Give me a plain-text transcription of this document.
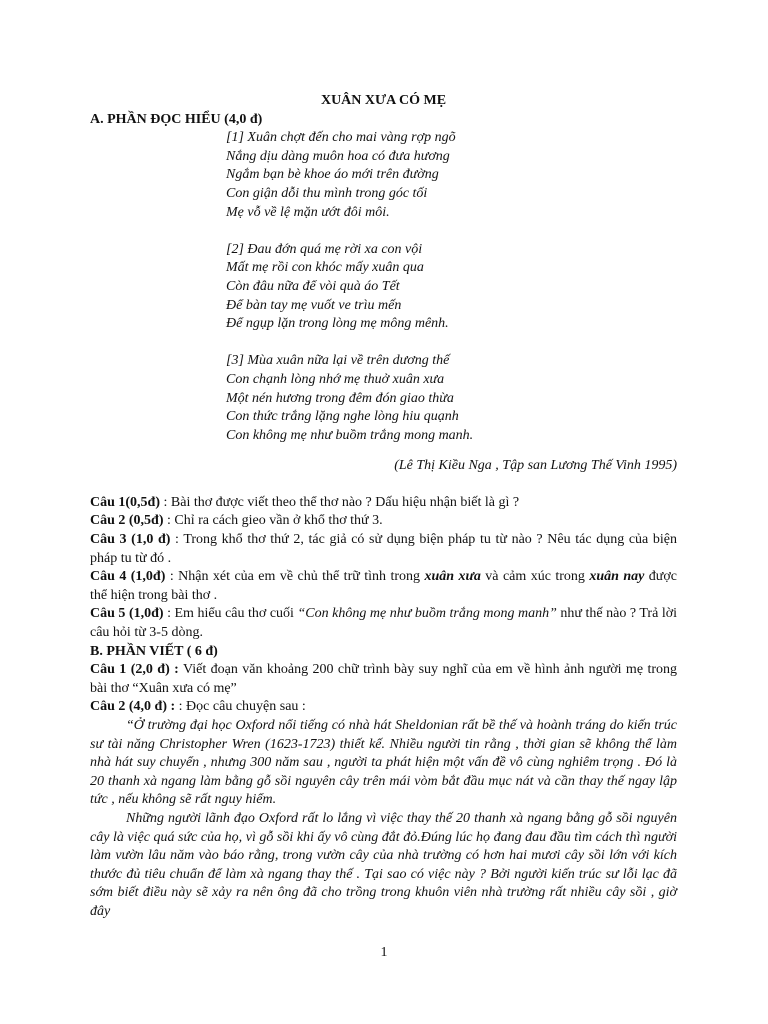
XUÂN XƯA CÓ MẸ

A. PHẦN ĐỌC HIỂU (4,0 đ)

[1] Xuân chợt đến cho mai vàng rợp ngõ
Nắng dịu dàng muôn hoa có đưa hương
Ngắm bạn bè khoe áo mới trên đường
Con giận dỗi thu mình trong góc tối
Mẹ vỗ về lệ mặn ướt đôi môi.
[2] Đau đớn quá mẹ rời xa con vội
Mất mẹ rồi con khóc mấy xuân qua
Còn đâu nữa để vòi quà áo Tết
Để bàn tay mẹ vuốt ve trìu mến
Để ngụp lặn trong lòng mẹ mông mênh.
[3] Mùa xuân nữa lại về trên dương thế
Con chạnh lòng nhớ mẹ thuở xuân xưa
Một nén hương trong đêm đón giao thừa
Con thức trắng lặng nghe lòng hiu quạnh
Con không mẹ như buồm trắng mong manh.

(Lê Thị Kiều Nga , Tập san Lương Thế Vinh 1995)

Câu 1(0,5đ) : Bài thơ được viết theo thể thơ nào ? Dấu hiệu nhận biết là gì ?

Câu 2 (0,5đ) : Chỉ ra cách gieo vần ở khổ thơ thứ 3.

Câu 3 (1,0 đ) : Trong khổ thơ thứ 2, tác giả có sử dụng biện pháp tu từ nào ? Nêu tác dụng của biện pháp tu từ đó .

Câu 4 (1,0đ) : Nhận xét của em về chủ thể trữ tình trong xuân xưa và cảm xúc trong xuân nay được thể hiện trong bài thơ .

Câu 5 (1,0đ) : Em hiểu câu thơ cuối “Con không mẹ như buồm trắng mong manh” như thế nào ? Trả lời câu hỏi từ 3-5 dòng.

B. PHẦN VIẾT ( 6 đ)

Câu 1 (2,0 đ) : Viết đoạn văn khoảng 200 chữ trình bày suy nghĩ của em về hình ảnh người mẹ trong bài thơ “Xuân xưa có mẹ”

Câu 2 (4,0 đ) : : Đọc câu chuyện sau :

“Ở trường đại học Oxford nổi tiếng có nhà hát Sheldonian rất bề thế và hoành tráng do kiến trúc sư tài năng Christopher Wren (1623-1723) thiết kế. Nhiều người tin rằng , thời gian sẽ không thể làm nhà hát suy chuyển , nhưng 300 năm sau , người ta phát hiện một vấn đề vô cùng nghiêm trọng . Đó là 20 thanh xà ngang làm bằng gỗ sồi nguyên cây trên mái vòm bắt đầu mục nát và cần thay thế ngay lập tức , nếu không sẽ rất nguy hiểm.

Những người lãnh đạo Oxford rất lo lắng vì việc thay thế 20 thanh xà ngang bằng gỗ sồi nguyên cây là việc quá sức của họ, vì gỗ sồi khi ấy vô cùng đắt đỏ.Đúng lúc họ đang đau đầu tìm cách thì người làm vườn lâu năm vào báo rằng, trong vườn cây của nhà trường có hơn hai mươi cây sồi lớn với kích thước đủ tiêu chuẩn để làm xà ngang thay thế . Tại sao có việc này ? Bởi người kiến trúc sư lỗi lạc đã sớm biết điều này sẽ xảy ra nên ông đã cho trồng trong khuôn viên nhà trường rất nhiều cây sồi , giờ đây

1
